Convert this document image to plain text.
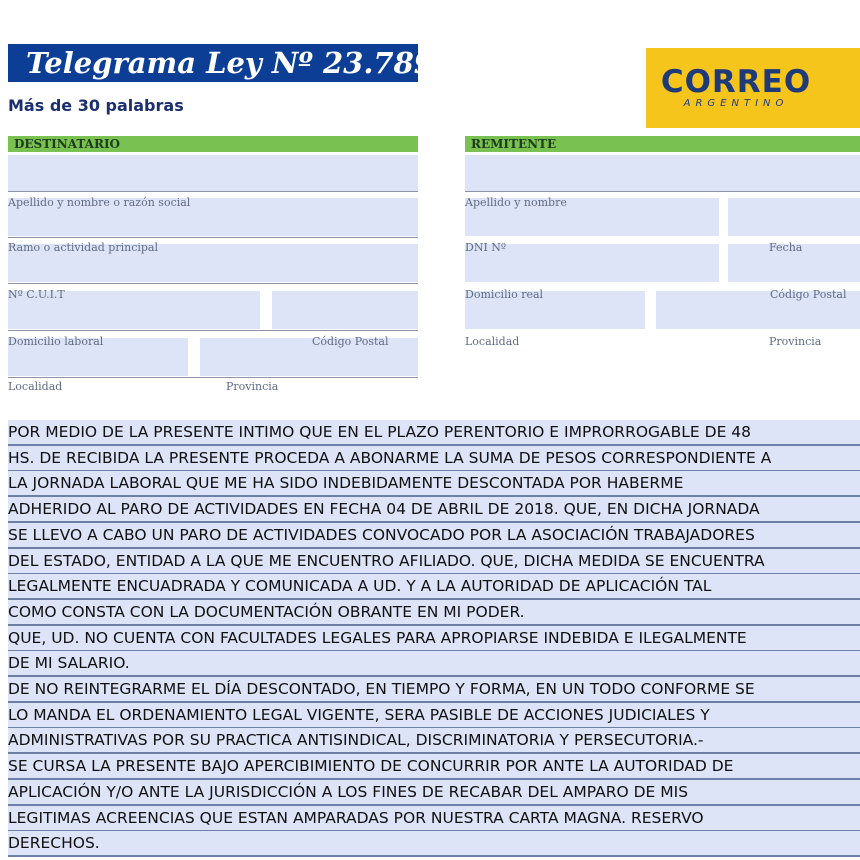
Telegrama Ley Nº 23.789
Más de 30 palabras
CORREO
ARGENTINO
DESTINATARIO
Apellido y nombre o razón social
Ramo o actividad principal
Nº C.U.I.T
Domicilio laboral	Código Postal
Localidad	Provincia
REMITENTE
Apellido y nombre
DNI Nº	Fecha
Domicilio real	Código Postal
Localidad	Provincia
POR MEDIO DE LA PRESENTE INTIMO QUE EN EL PLAZO PERENTORIO E IMPRORROGABLE DE 48
HS. DE RECIBIDA LA PRESENTE PROCEDA A ABONARME LA SUMA DE PESOS CORRESPONDIENTE A
LA JORNADA LABORAL QUE ME HA SIDO INDEBIDAMENTE DESCONTADA POR HABERME
ADHERIDO AL PARO DE ACTIVIDADES EN FECHA 04 DE ABRIL DE 2018. QUE, EN DICHA JORNADA
SE LLEVO A CABO UN PARO DE ACTIVIDADES CONVOCADO POR LA ASOCIACIÓN TRABAJADORES
DEL ESTADO, ENTIDAD A LA QUE ME ENCUENTRO AFILIADO. QUE, DICHA MEDIDA SE ENCUENTRA
LEGALMENTE ENCUADRADA Y COMUNICADA A UD. Y A LA AUTORIDAD DE APLICACIÓN TAL
COMO CONSTA CON LA DOCUMENTACIÓN OBRANTE EN MI PODER.
QUE, UD. NO CUENTA CON FACULTADES LEGALES PARA APROPIARSE INDEBIDA E ILEGALMENTE
DE MI SALARIO.
DE NO REINTEGRARME EL DÍA DESCONTADO, EN TIEMPO Y FORMA, EN UN TODO CONFORME SE
LO MANDA EL ORDENAMIENTO LEGAL VIGENTE, SERA PASIBLE DE ACCIONES JUDICIALES Y
ADMINISTRATIVAS POR SU PRACTICA ANTISINDICAL, DISCRIMINATORIA Y PERSECUTORIA.-
SE CURSA LA PRESENTE BAJO APERCIBIMIENTO DE CONCURRIR POR ANTE LA AUTORIDAD DE
APLICACIÓN Y/O ANTE LA JURISDICCIÓN A LOS FINES DE RECABAR DEL AMPARO DE MIS
LEGITIMAS ACREENCIAS QUE ESTAN AMPARADAS POR NUESTRA CARTA MAGNA. RESERVO
DERECHOS.
